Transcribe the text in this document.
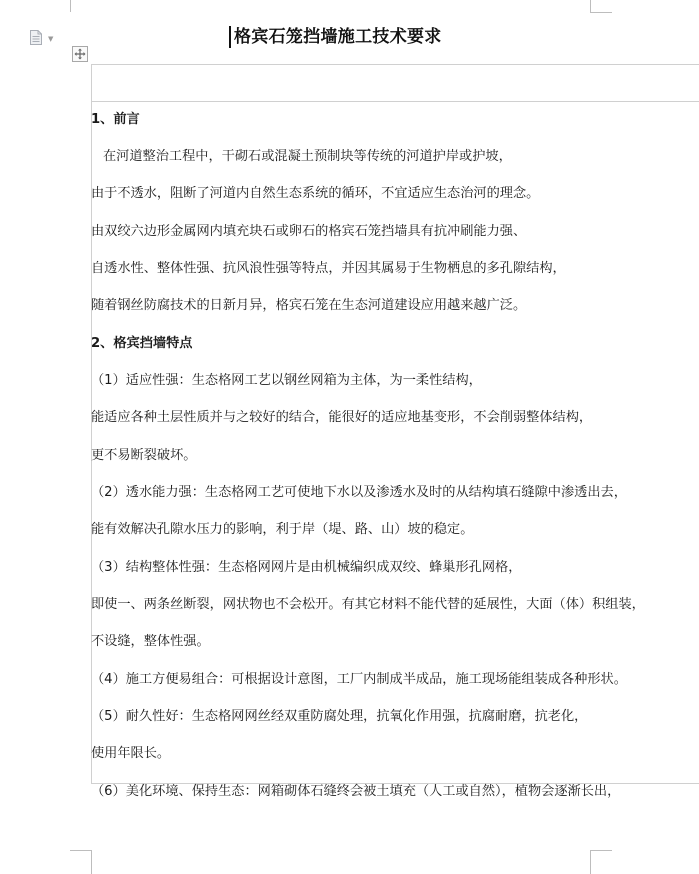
▼	格宾石笼挡墙施工技术要求
1、前言
在河道整治工程中，干砌石或混凝土预制块等传统的河道护岸或护坡，
由于不透水，阻断了河道内自然生态系统的循环，不宜适应生态治河的理念。
由双绞六边形金属网内填充块石或卵石的格宾石笼挡墙具有抗冲刷能力强、
自透水性、整体性强、抗风浪性强等特点，并因其属易于生物栖息的多孔隙结构，
随着钢丝防腐技术的日新月异，格宾石笼在生态河道建设应用越来越广泛。
2、格宾挡墙特点
（1）适应性强：生态格网工艺以钢丝网箱为主体，为一柔性结构，
能适应各种土层性质并与之较好的结合，能很好的适应地基变形，不会削弱整体结构，
更不易断裂破坏。
（2）透水能力强：生态格网工艺可使地下水以及渗透水及时的从结构填石缝隙中渗透出去，
能有效解决孔隙水压力的影响，利于岸（堤、路、山）坡的稳定。
（3）结构整体性强：生态格网网片是由机械编织成双绞、蜂巢形孔网格，
即使一、两条丝断裂，网状物也不会松开。有其它材料不能代替的延展性，大面（体）积组装，
不设缝，整体性强。
（4）施工方便易组合：可根据设计意图，工厂内制成半成品，施工现场能组装成各种形状。
（5）耐久性好：生态格网网丝经双重防腐处理，抗氧化作用强，抗腐耐磨，抗老化，
使用年限长。
（6）美化环境、保持生态：网箱砌体石缝终会被土填充（人工或自然），植物会逐渐长出，
